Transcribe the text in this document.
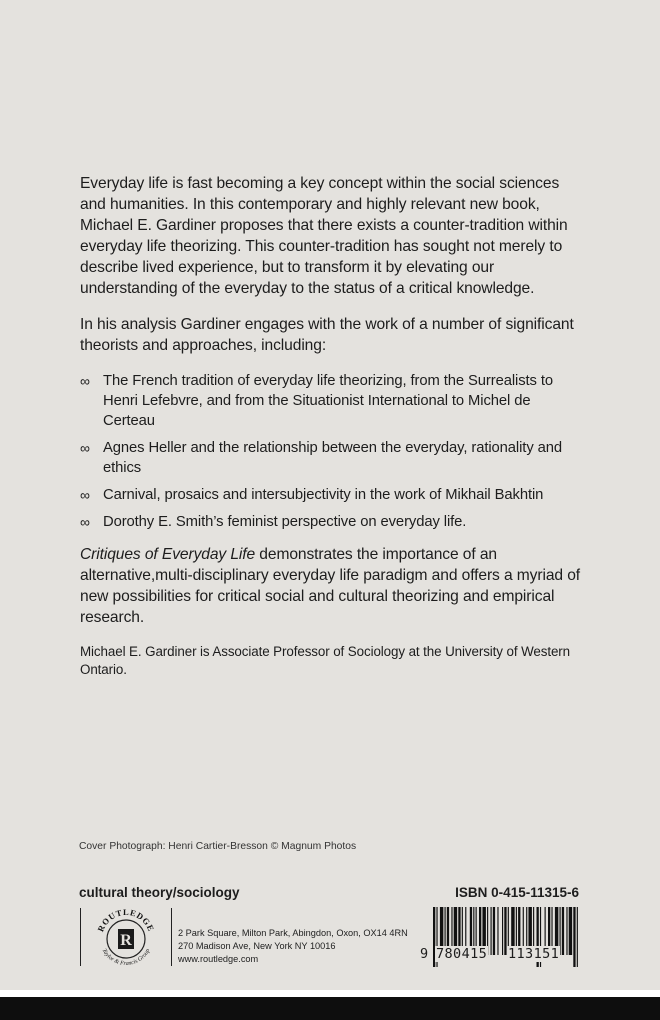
Everyday life is fast becoming a key concept within the social sciences and humanities. In this contemporary and highly relevant new book, Michael E. Gardiner proposes that there exists a counter-tradition within everyday life theorizing. This counter-tradition has sought not merely to describe lived experience, but to transform it by elevating our understanding of the everyday to the status of a critical knowledge.

In his analysis Gardiner engages with the work of a number of significant theorists and approaches, including:

∞ The French tradition of everyday life theorizing, from the Surrealists to Henri Lefebvre, and from the Situationist International to Michel de Certeau
∞ Agnes Heller and the relationship between the everyday, rationality and ethics
∞ Carnival, prosaics and intersubjectivity in the work of Mikhail Bakhtin
∞ Dorothy E. Smith’s feminist perspective on everyday life.

Critiques of Everyday Life demonstrates the importance of an alternative,multi-disciplinary everyday life paradigm and offers a myriad of new possibilities for critical social and cultural theorizing and empirical research.

Michael E. Gardiner is Associate Professor of Sociology at the University of Western Ontario.

Cover Photograph: Henri Cartier-Bresson © Magnum Photos
cultural theory/sociology	ISBN 0-415-11315-6
ROUTLEDGE
Taylor & Francis Group
R	2 Park Square, Milton Park, Abingdon, Oxon, OX14 4RN
270 Madison Ave, New York NY 10016
www.routledge.com	9 780415 113151
